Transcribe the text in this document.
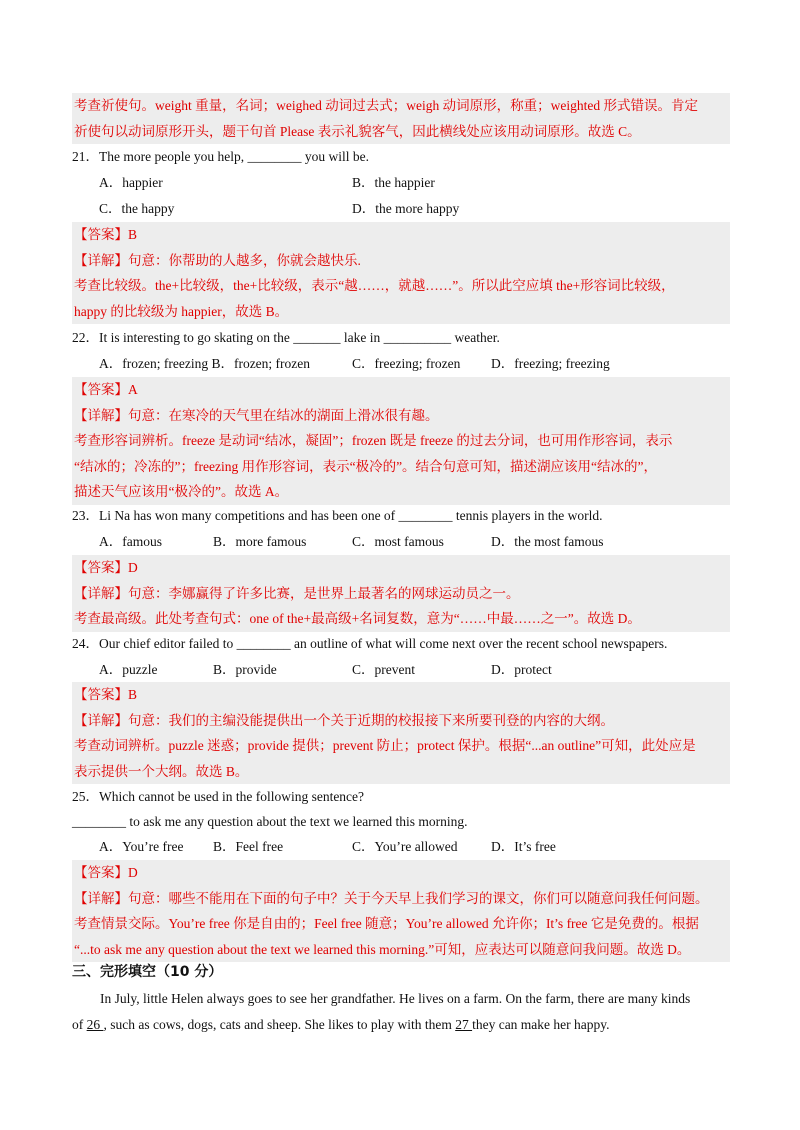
考查祈使句。weight 重量，名词；weighed 动词过去式；weigh 动词原形，称重；weighted 形式错误。肯定

祈使句以动词原形开头，题干句首 Please 表示礼貌客气，因此横线处应该用动词原形。故选 C。

21．The more people you help, ________ you will be.
A．happier	B．the happier
C．the happy	D．the more happy

【答案】B

【详解】句意：你帮助的人越多，你就会越快乐.

考查比较级。the+比较级，the+比较级，表示“越……，就越……”。所以此空应填 the+形容词比较级，

happy 的比较级为 happier，故选 B。

22．It is interesting to go skating on the _______ lake in __________ weather.
A．frozen; freezing B．frozen; frozen	C．freezing; frozen D．freezing; freezing

【答案】A

【详解】句意：在寒冷的天气里在结冰的湖面上滑冰很有趣。

考查形容词辨析。freeze 是动词“结冰，凝固”；frozen 既是 freeze 的过去分词，也可用作形容词，表示

“结冰的；冷冻的”；freezing 用作形容词，表示“极冷的”。结合句意可知，描述湖应该用“结冰的”，

描述天气应该用“极冷的”。故选 A。

23．Li Na has won many competitions and has been one of ________ tennis players in the world.
A．famous	B．more famous	C．most famous	D．the most famous

【答案】D

【详解】句意：李娜赢得了许多比赛，是世界上最著名的网球运动员之一。

考查最高级。此处考查句式：one of the+最高级+名词复数，意为“……中最……之一”。故选 D。

24．Our chief editor failed to ________ an outline of what will come next over the recent school newspapers.
A．puzzle	B．provide	C．prevent	D．protect

【答案】B

【详解】句意：我们的主编没能提供出一个关于近期的校报接下来所要刊登的内容的大纲。

考查动词辨析。puzzle 迷惑；provide 提供；prevent 防止；protect 保护。根据“...an outline”可知，此处应是

表示提供一个大纲。故选 B。

25．Which cannot be used in the following sentence?
________ to ask me any question about the text we learned this morning.
A．You’re free B．Feel free	C．You’re allowed D．It’s free

【答案】D

【详解】句意：哪些不能用在下面的句子中？关于今天早上我们学习的课文，你们可以随意问我任何问题。

考查情景交际。You’re free 你是自由的；Feel free 随意；You’re allowed 允许你；It’s free 它是免费的。根据

“...to ask me any question about the text we learned this morning.”可知，应表达可以随意问我问题。故选 D。

三、完形填空（10 分）
In July, little Helen always goes to see her grandfather. He lives on a farm. On the farm, there are many kinds
of 26 , such as cows, dogs, cats and sheep. She likes to play with them 27 they can make her happy.
